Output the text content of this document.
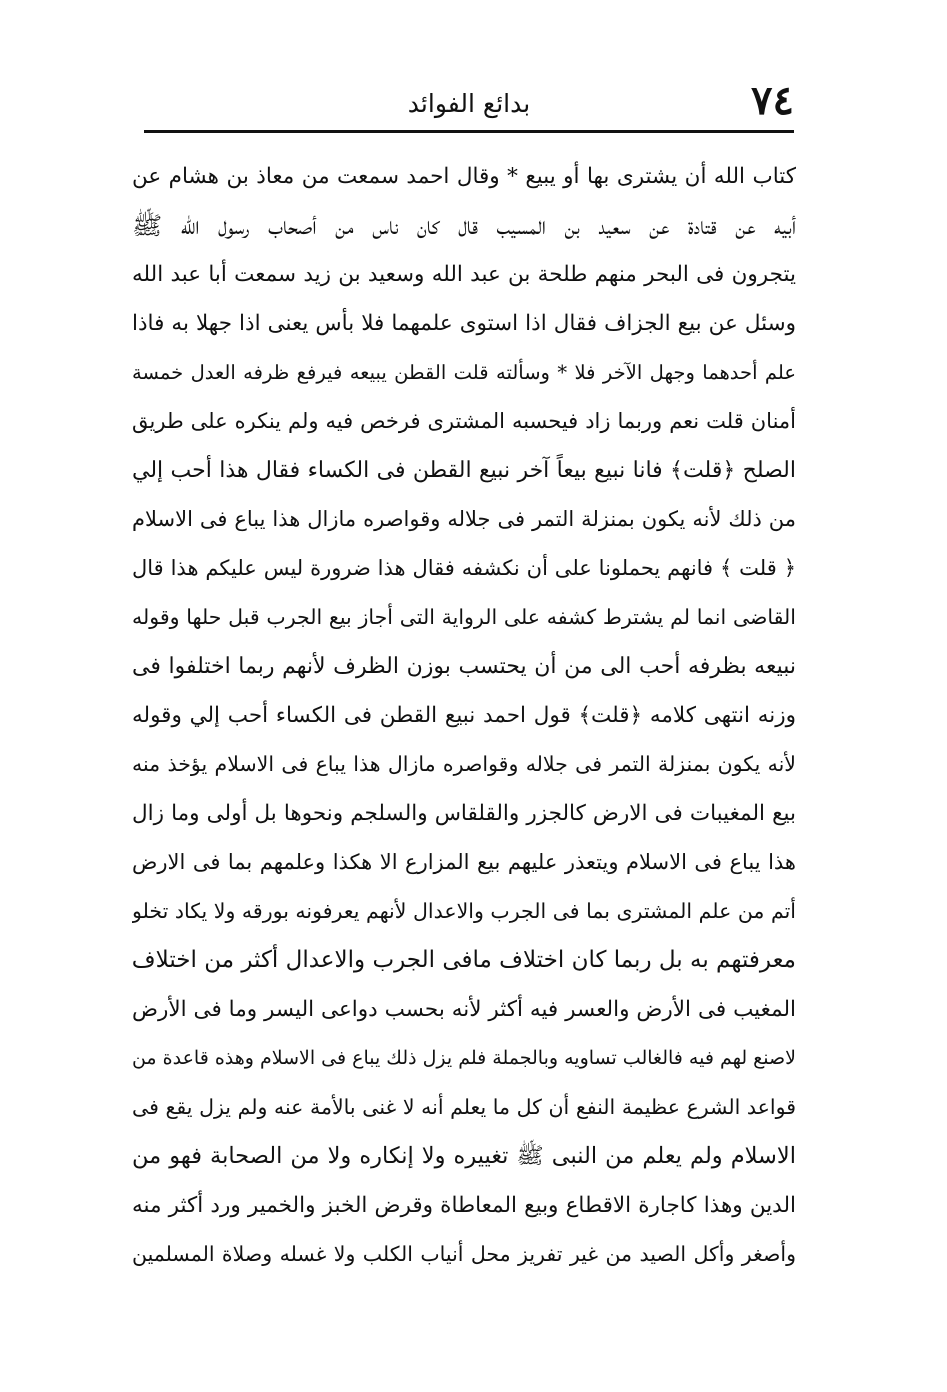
٧٤
بدائع الفوائد
كتاب الله أن يشترى بها أو يبيع * وقال احمد سمعت من معاذ بن هشام عن
أبيه عن قتادة عن سعيد بن المسيب قال كان ناس من أصحاب رسول الله ﷺ
يتجرون فى البحر منهم طلحة بن عبد الله وسعيد بن زيد سمعت أبا عبد الله
وسئل عن بيع الجزاف فقال اذا استوى علمهما فلا بأس يعنى اذا جهلا به فاذا
علم أحدهما وجهل الآخر فلا * وسألته قلت القطن يبيعه فيرفع ظرفه العدل خمسة
أمنان قلت نعم وربما زاد فيحسبه المشترى فرخص فيه ولم ينكره على طريق
الصلح ﴿قلت﴾ فانا نبيع بيعاً آخر نبيع القطن فى الكساء فقال هذا أحب إلي
من ذلك لأنه يكون بمنزلة التمر فى جلاله وقواصره مازال هذا يباع فى الاسلام
﴿ قلت ﴾ فانهم يحملونا على أن نكشفه فقال هذا ضرورة ليس عليكم هذا قال
القاضى انما لم يشترط كشفه على الرواية التى أجاز بيع الجرب قبل حلها وقوله
نبيعه بظرفه أحب الى من أن يحتسب بوزن الظرف لأنهم ربما اختلفوا فى
وزنه انتهى كلامه ﴿قلت﴾ قول احمد نبيع القطن فى الكساء أحب إلي وقوله
لأنه يكون بمنزلة التمر فى جلاله وقواصره مازال هذا يباع فى الاسلام يؤخذ منه
بيع المغيبات فى الارض كالجزر والقلقاس والسلجم ونحوها بل أولى وما زال
هذا يباع فى الاسلام ويتعذر عليهم بيع المزارع الا هكذا وعلمهم بما فى الارض
أتم من علم المشترى بما فى الجرب والاعدال لأنهم يعرفونه بورقه ولا يكاد تخلو
معرفتهم به بل ربما كان اختلاف مافى الجرب والاعدال أكثر من اختلاف
المغيب فى الأرض والعسر فيه أكثر لأنه بحسب دواعى اليسر وما فى الأرض
لاصنع لهم فيه فالغالب تساويه وبالجملة فلم يزل ذلك يباع فى الاسلام وهذه قاعدة من
قواعد الشرع عظيمة النفع أن كل ما يعلم أنه لا غنى بالأمة عنه ولم يزل يقع فى
الاسلام ولم يعلم من النبى ﷺ تغييره ولا إنكاره ولا من الصحابة فهو من
الدين وهذا كاجارة الاقطاع وبيع المعاطاة وقرض الخبز والخمير ورد أكثر منه
وأصغر وأكل الصيد من غير تفريز محل أنياب الكلب ولا غسله وصلاة المسلمين
